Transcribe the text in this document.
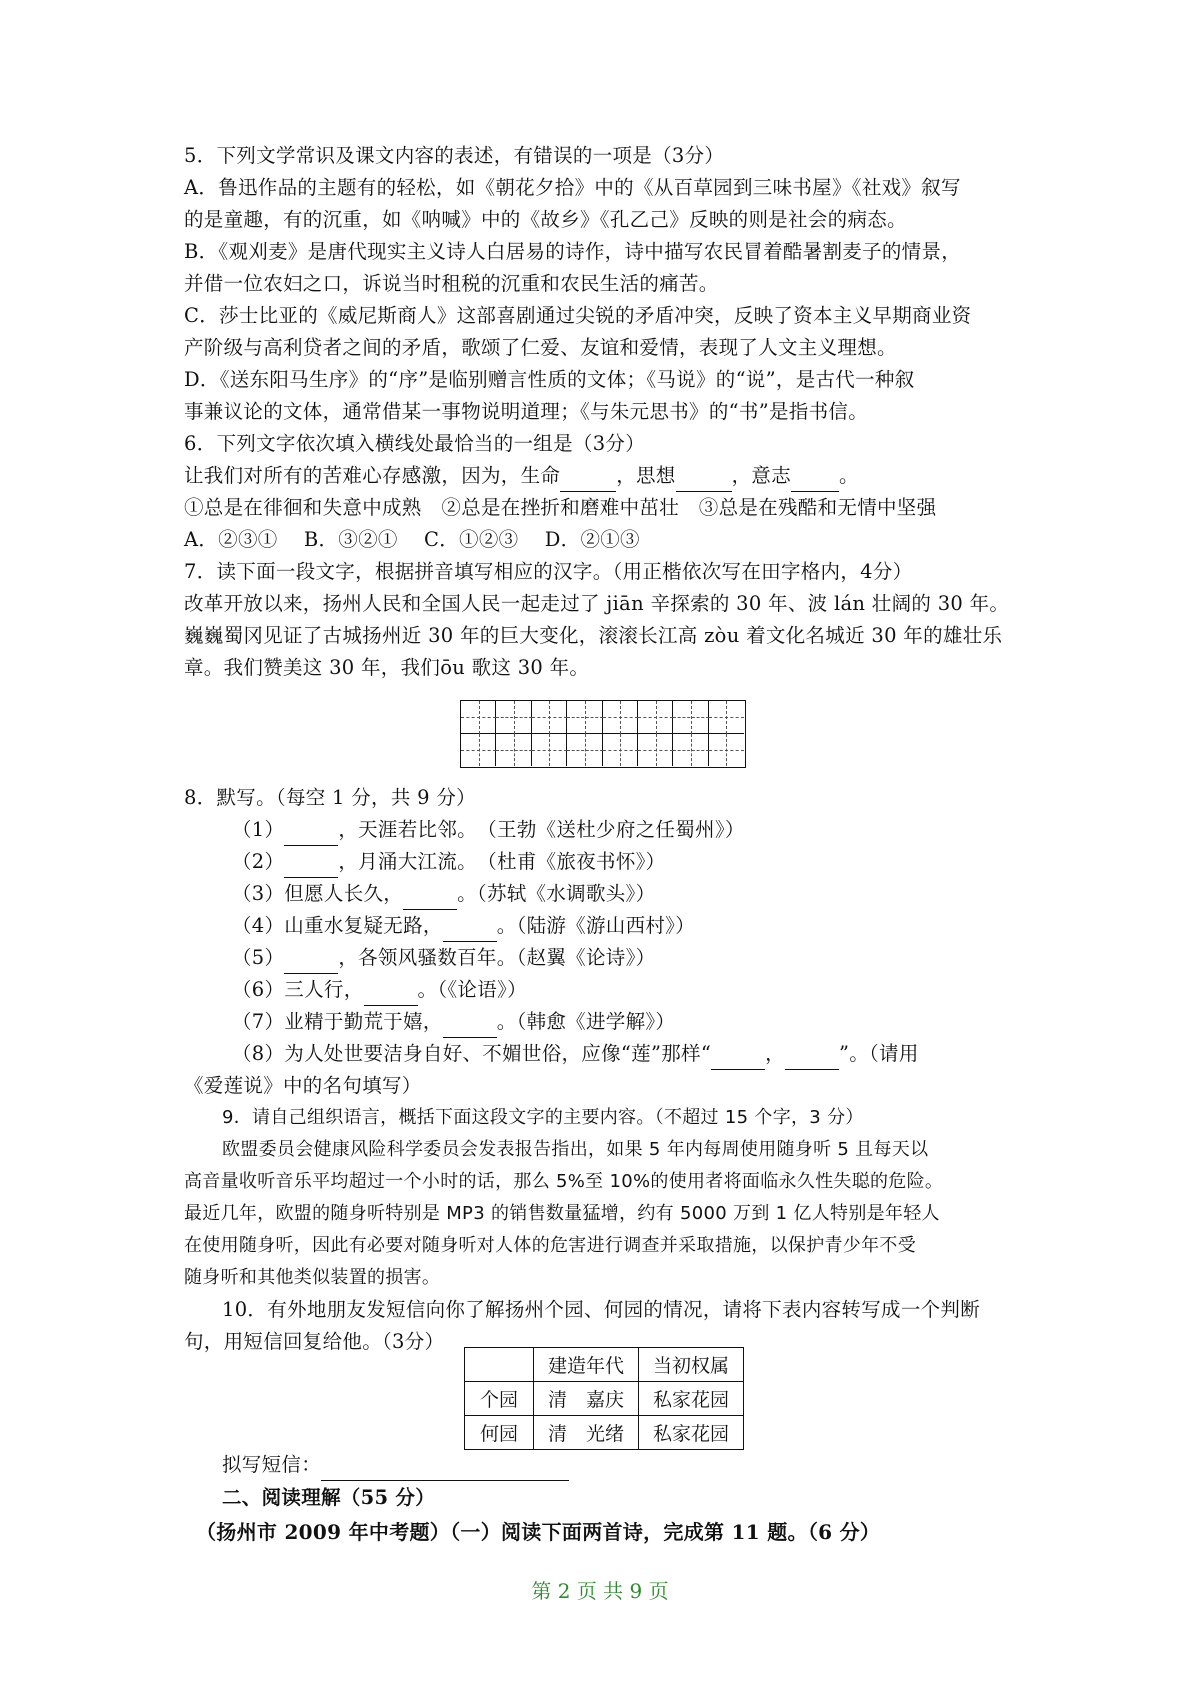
5．下列文学常识及课文内容的表述，有错误的一项是（3分）
A．鲁迅作品的主题有的轻松，如《朝花夕拾》中的《从百草园到三味书屋》《社戏》叙写
的是童趣，有的沉重，如《呐喊》中的《故乡》《孔乙己》反映的则是社会的病态。
B．《观刈麦》是唐代现实主义诗人白居易的诗作，诗中描写农民冒着酷暑割麦子的情景，
并借一位农妇之口，诉说当时租税的沉重和农民生活的痛苦。
C．莎士比亚的《威尼斯商人》这部喜剧通过尖锐的矛盾冲突，反映了资本主义早期商业资
产阶级与高利贷者之间的矛盾，歌颂了仁爱、友谊和爱情，表现了人文主义理想。
D．《送东阳马生序》的“序”是临别赠言性质的文体；《马说》的“说”，是古代一种叙
事兼议论的文体，通常借某一事物说明道理；《与朱元思书》的“书”是指书信。
6．下列文字依次填入横线处最恰当的一组是（3分）
让我们对所有的苦难心存感激，因为，生命	，思想	，意志 。
①总是在徘徊和失意中成熟　②总是在挫折和磨难中茁壮　③总是在残酷和无情中坚强
A．②③①　 B．③②①　 C．①②③　 D．②①③
7．读下面一段文字，根据拼音填写相应的汉字。（用正楷依次写在田字格内，4分）
改革开放以来，扬州人民和全国人民一起走过了 jiān 辛探索的 30 年、波 lán 壮阔的 30 年。
巍巍蜀冈见证了古城扬州近 30 年的巨大变化，滚滚长江高 zòu 着文化名城近 30 年的雄壮乐
章。我们赞美这 30 年，我们ōu 歌这 30 年。
8．默写。（每空 1 分，共 9 分）
（1）	，天涯若比邻。　（王勃《送杜少府之任蜀州》）
（2）	，月涌大江流。　（杜甫《旅夜书怀》）
（3）但愿人长久，	。（苏轼《水调歌头》）
（4）山重水复疑无路，	。（陆游《游山西村》）
（5）	，各领风骚数百年。（赵翼《论诗》）
（6）三人行，	。（《论语》）
（7）业精于勤荒于嬉，	。（韩愈《进学解》）
（8）为人处世要洁身自好、不媚世俗，应像“莲”那样“	，	”。（请用
《爱莲说》中的名句填写）
9．请自己组织语言，概括下面这段文字的主要内容。（不超过 15 个字，3 分）
欧盟委员会健康风险科学委员会发表报告指出，如果 5 年内每周使用随身听 5 且每天以
高音量收听音乐平均超过一个小时的话，那么 5%至 10%的使用者将面临永久性失聪的危险。
最近几年，欧盟的随身听特别是 MP3 的销售数量猛增，约有 5000 万到 1 亿人特别是年轻人
在使用随身听，因此有必要对随身听对人体的危害进行调查并采取措施，以保护青少年不受
随身听和其他类似装置的损害。
10．有外地朋友发短信向你了解扬州个园、何园的情况，请将下表内容转写成一个判断
句，用短信回复给他。（3分）
	建造年代	当初权属
个园	清　嘉庆	私家花园
何园	清　光绪	私家花园
拟写短信：
二、阅读理解（55 分）
（扬州市 2009 年中考题）（一）阅读下面两首诗，完成第 11 题。（6 分）
第 2 页 共 9 页
